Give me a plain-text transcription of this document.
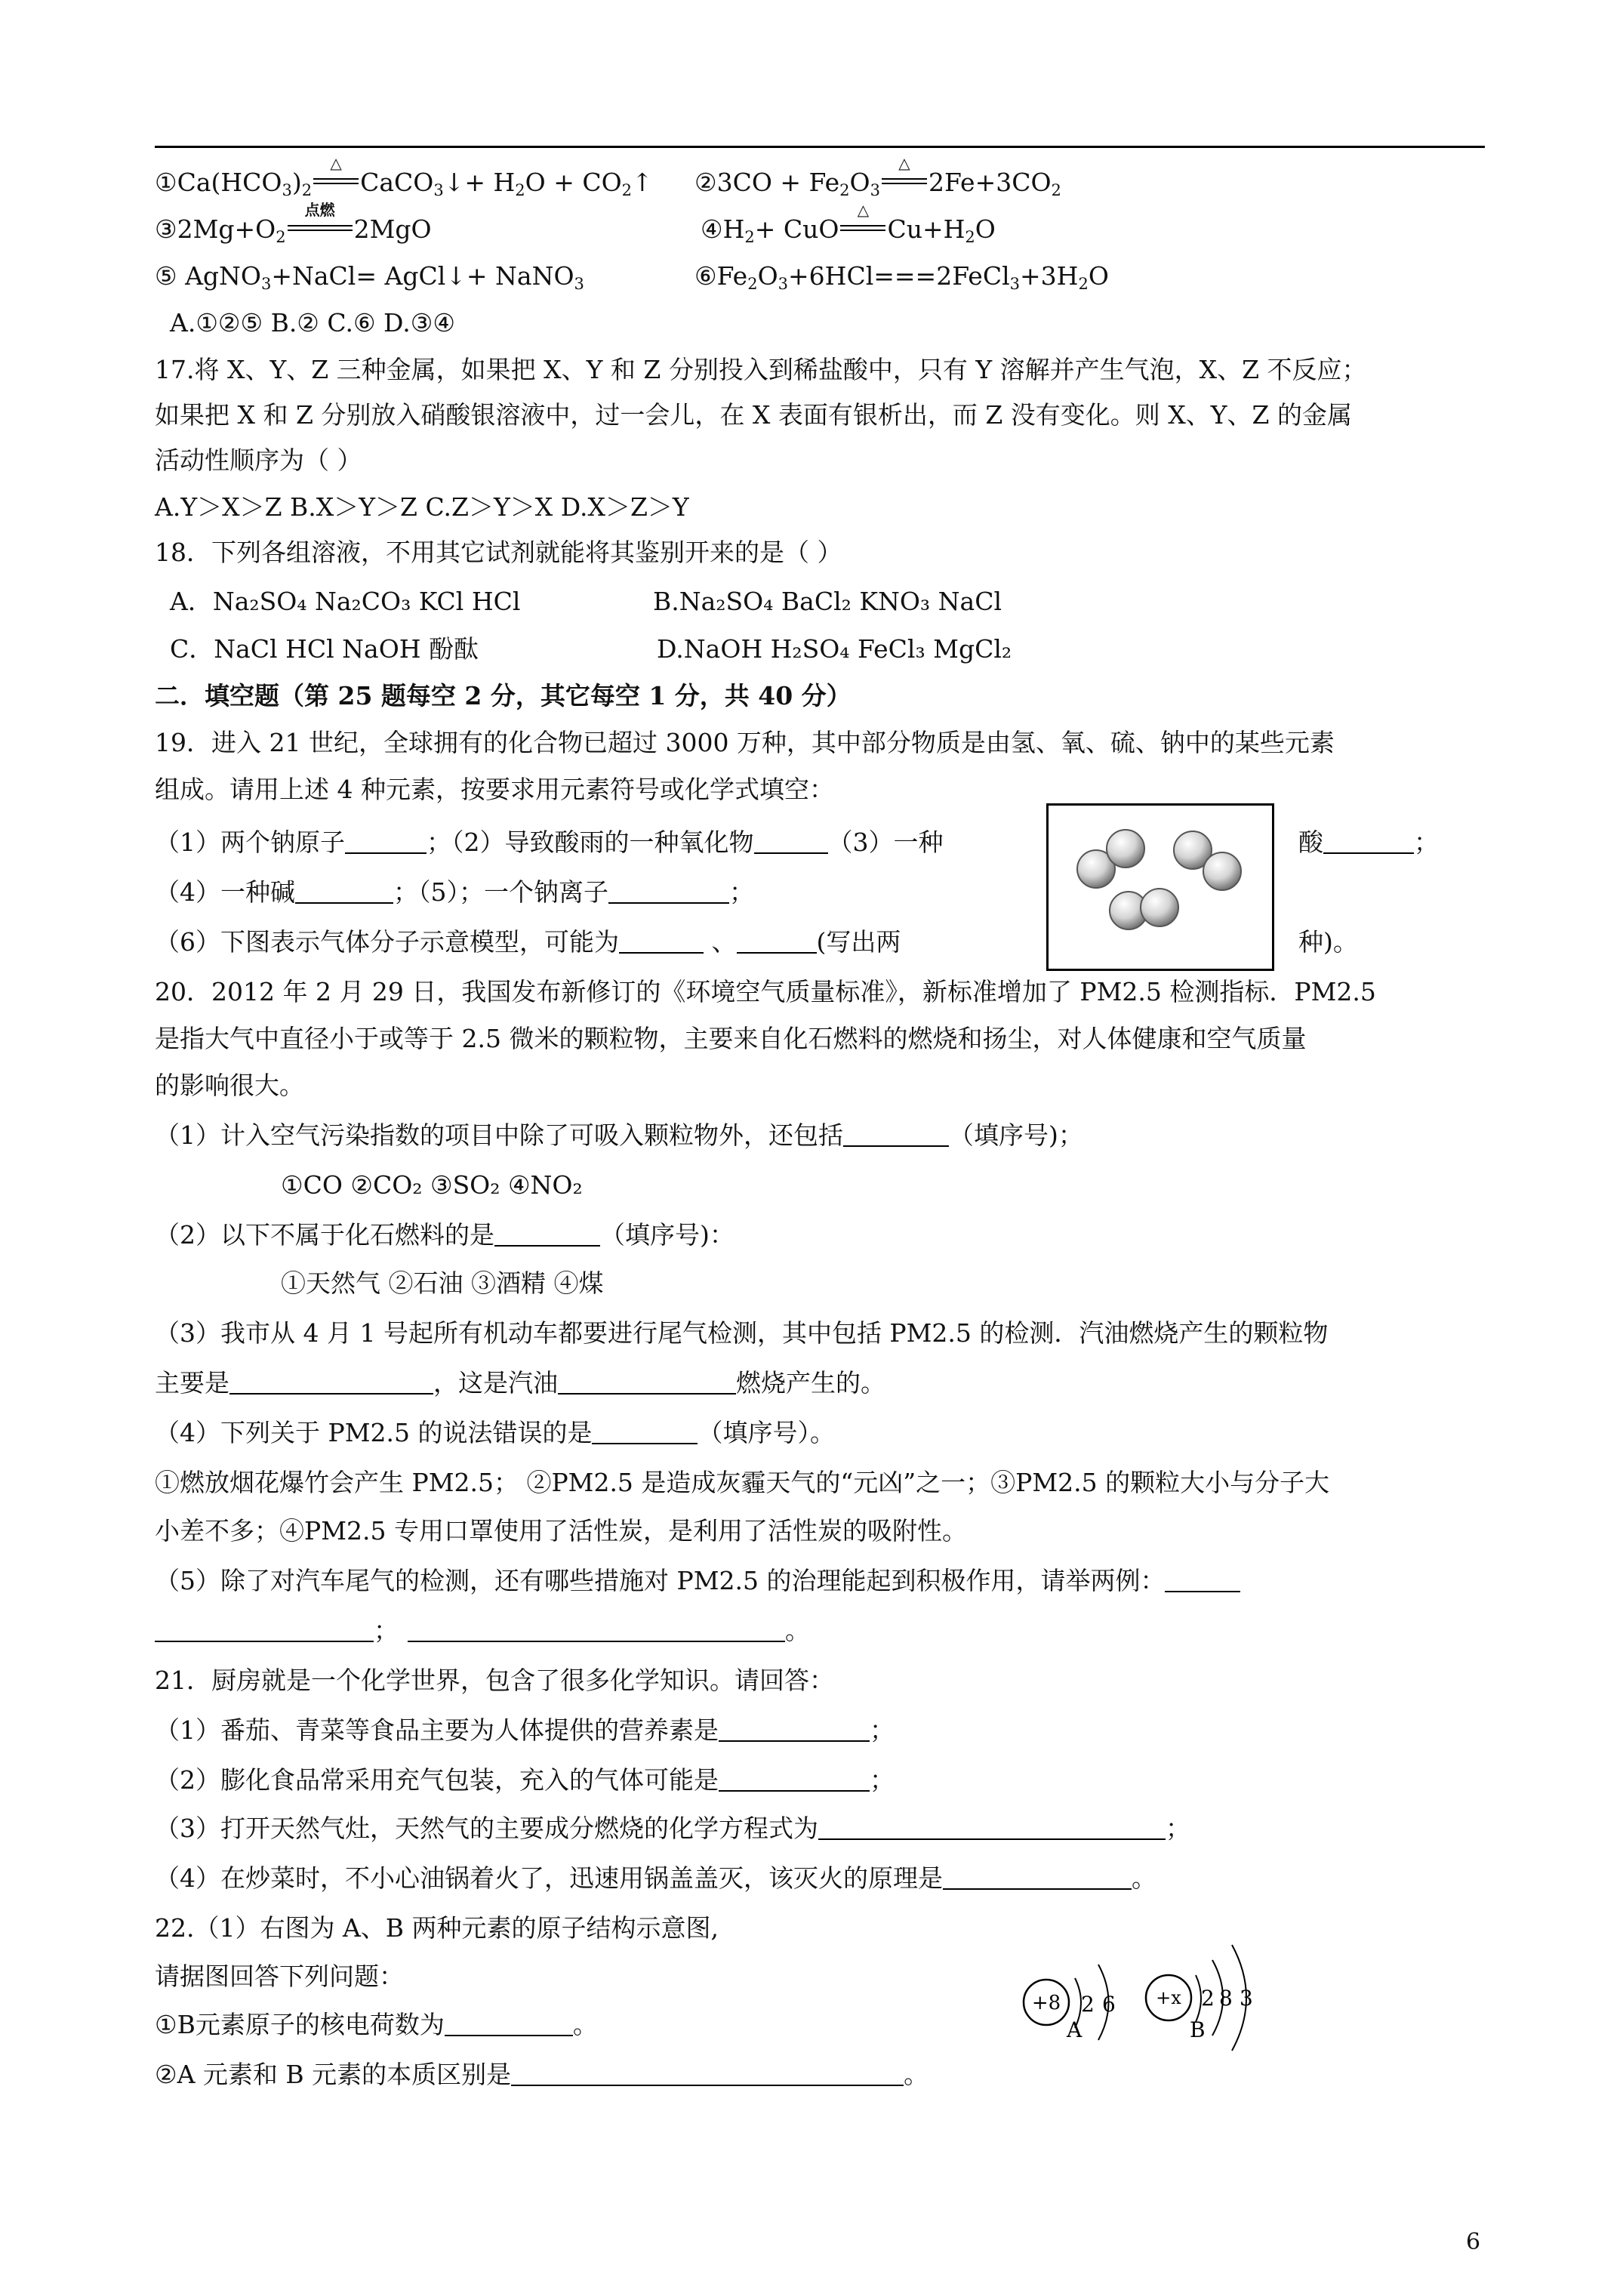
$①Ca(HCO_3)_2$
△
CaCO$_3$↓+ $H_2O$ + $CO_2↑$ ②3CO + $Fe_2O_3$
△
$2Fe+3CO_2$
$③2Mg+O_2$
点燃
2MgO	$④H_2+$ CuO
△
$Cu+H_2O$
⑤ AgNO$_3$+NaCl= AgCl↓+ NaNO$_3$	$⑥Fe_2O_3+6HCl===2FeCl_3+3H_2O$
A.①②⑤ B.② C.⑥ D.③④
17.将 X、Y、Z 三种金属，如果把 X、Y 和 Z 分别投入到稀盐酸中，只有 Y 溶解并产生气泡，X、Z 不反应；
如果把 X 和 Z 分别放入硝酸银溶液中，过一会儿，在 X 表面有银析出，而 Z 没有变化。则 X、Y、Z 的金属
活动性顺序为（ ）
A.Y＞X＞Z B.X＞Y＞Z C.Z＞Y＞X D.X＞Z＞Y
18．下列各组溶液，不用其它试剂就能将其鉴别开来的是（ ）
A．Na₂SO₄ Na₂CO₃ KCl HCl	B.Na₂SO₄ BaCl₂ KNO₃ NaCl
C．NaCl HCl NaOH 酚酞	D.NaOH H₂SO₄ FeCl₃ MgCl₂
二．填空题（第 25 题每空 2 分，其它每空 1 分，共 40 分）
19．进入 21 世纪，全球拥有的化合物已超过 3000 万种，其中部分物质是由氢、氧、硫、钠中的某些元素
组成。请用上述 4 种元素，按要求用元素符号或化学式填空：
（1）两个钠原子	；（2）导致酸雨的一种氧化物	（3）一种	酸	；
（4）一种碱	；（5）；一个钠离子	；
（6）下图表示气体分子示意模型，可能为	、	(写出两	种)。
20．2012 年 2 月 29 日，我国发布新修订的《环境空气质量标准》，新标准增加了 PM2.5 检测指标．PM2.5
是指大气中直径小于或等于 2.5 微米的颗粒物，主要来自化石燃料的燃烧和扬尘，对人体健康和空气质量
的影响很大。
（1）计入空气污染指数的项目中除了可吸入颗粒物外，还包括	（填序号)；
①CO ②CO₂ ③SO₂ ④NO₂
（2）以下不属于化石燃料的是	（填序号)：
①天然气 ②石油 ③酒精 ④煤
（3）我市从 4 月 1 号起所有机动车都要进行尾气检测，其中包括 PM2.5 的检测．汽油燃烧产生的颗粒物
主要是	，这是汽油	燃烧产生的。
（4）下列关于 PM2.5 的说法错误的是	（填序号）。
①燃放烟花爆竹会产生 PM2.5； ②PM2.5 是造成灰霾天气的“元凶”之一；③PM2.5 的颗粒大小与分子大
小差不多；④PM2.5 专用口罩使用了活性炭，是利用了活性炭的吸附性。
（5）除了对汽车尾气的检测，还有哪些措施对 PM2.5 的治理能起到积极作用，请举两例：
；	。
21．厨房就是一个化学世界，包含了很多化学知识。请回答：
（1）番茄、青菜等食品主要为人体提供的营养素是	；
（2）膨化食品常采用充气包装，充入的气体可能是	；
（3）打开天然气灶，天然气的主要成分燃烧的化学方程式为	；
（4）在炒菜时，不小心油锅着火了，迅速用锅盖盖灭，该灭火的原理是	。
22.（1）右图为 A、B 两种元素的原子结构示意图,
请据图回答下列问题：
①B元素原子的核电荷数为	。
②A 元素和 B 元素的本质区别是	。
+8 2 6
A
+x 2 8 3
B
6
